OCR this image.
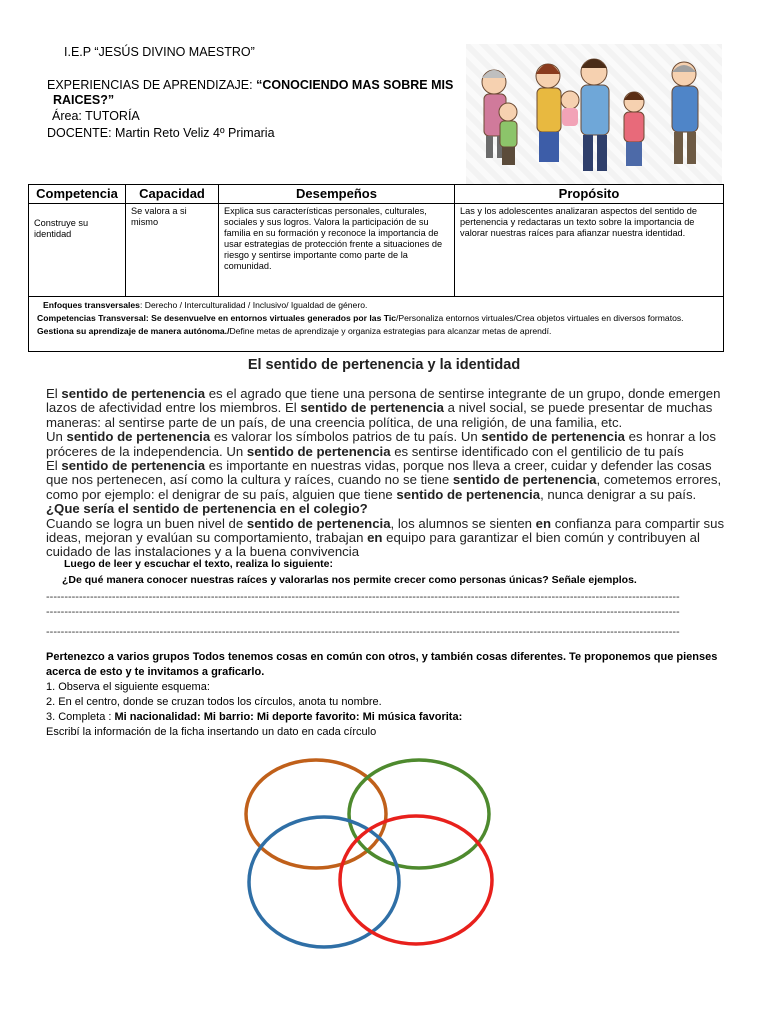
I.E.P “JESÚS DIVINO MAESTRO”
EXPERIENCIAS DE APRENDIZAJE: “CONOCIENDO MAS SOBRE MIS
RAICES?”
Área: TUTORÍA
DOCENTE: Martin Reto Veliz 4º Primaria
Competencia	Capacidad	Desempeños	Propósito
Construye su identidad	Se valora a si mismo	Explica sus características personales, culturales, sociales y sus logros. Valora la participación de su familia en su formación y reconoce la importancia de usar estrategias de protección frente a situaciones de riesgo y sentirse importante como parte de la comunidad.	Las y los adolescentes analizaran aspectos del sentido de pertenencia y redactaras un texto sobre la importancia de valorar nuestras raíces para afianzar nuestra identidad.

Enfoques transversales: Derecho / Interculturalidad / Inclusivo/ Igualdad de género.
Competencias Transversal: Se desenvuelve en entornos virtuales generados por las Tic/Personaliza entornos virtuales/Crea objetos virtuales en diversos formatos. Gestiona su aprendizaje de manera autónoma./Define metas de aprendizaje y organiza estrategias para alcanzar metas de aprendí.			
El sentido de pertenencia y la identidad

El sentido de pertenencia es el agrado que tiene una persona de sentirse integrante de un grupo, donde emergen lazos de afectividad entre los miembros. El sentido de pertenencia a nivel social, se puede presentar de muchas maneras: al sentirse parte de un país, de una creencia política, de una religión, de una familia, etc.

Un sentido de pertenencia es valorar los símbolos patrios de tu país. Un sentido de pertenencia es honrar a los próceres de la independencia. Un sentido de pertenencia es sentirse identificado con el gentilicio de tu país

El sentido de pertenencia es importante en nuestras vidas, porque nos lleva a creer, cuidar y defender las cosas que nos pertenecen, así como la cultura y raíces, cuando no se tiene sentido de pertenencia, cometemos errores, como por ejemplo: el denigrar de su país, alguien que tiene sentido de pertenencia, nunca denigrar a su país.

¿Que sería el sentido de pertenencia en el colegio?

Cuando se logra un buen nivel de sentido de pertenencia, los alumnos se sienten en confianza para compartir sus ideas, mejoran y evalúan su comportamiento, trabajan en equipo para garantizar el bien común y contribuyen al cuidado de las instalaciones y a la buena convivencia

Luego de leer y escuchar el texto, realiza lo siguiente:
¿De qué manera conocer nuestras raíces y valorarlas nos permite crecer como personas únicas? Señale ejemplos.
-----------------------------------------------------------------------------------------------------------------------------------------------------------------------------
-----------------------------------------------------------------------------------------------------------------------------------------------------------------------------
-----------------------------------------------------------------------------------------------------------------------------------------------------------------------------

Pertenezco a varios grupos Todos tenemos cosas en común con otros, y también cosas diferentes. Te proponemos que pienses acerca de esto y te invitamos a graficarlo.

1. Observa el siguiente esquema:

2. En el centro, donde se cruzan todos los círculos, anota tu nombre.

3. Completa : Mi nacionalidad: Mi barrio: Mi deporte favorito: Mi música favorita:

Escribí la información de la ficha insertando un dato en cada círculo
